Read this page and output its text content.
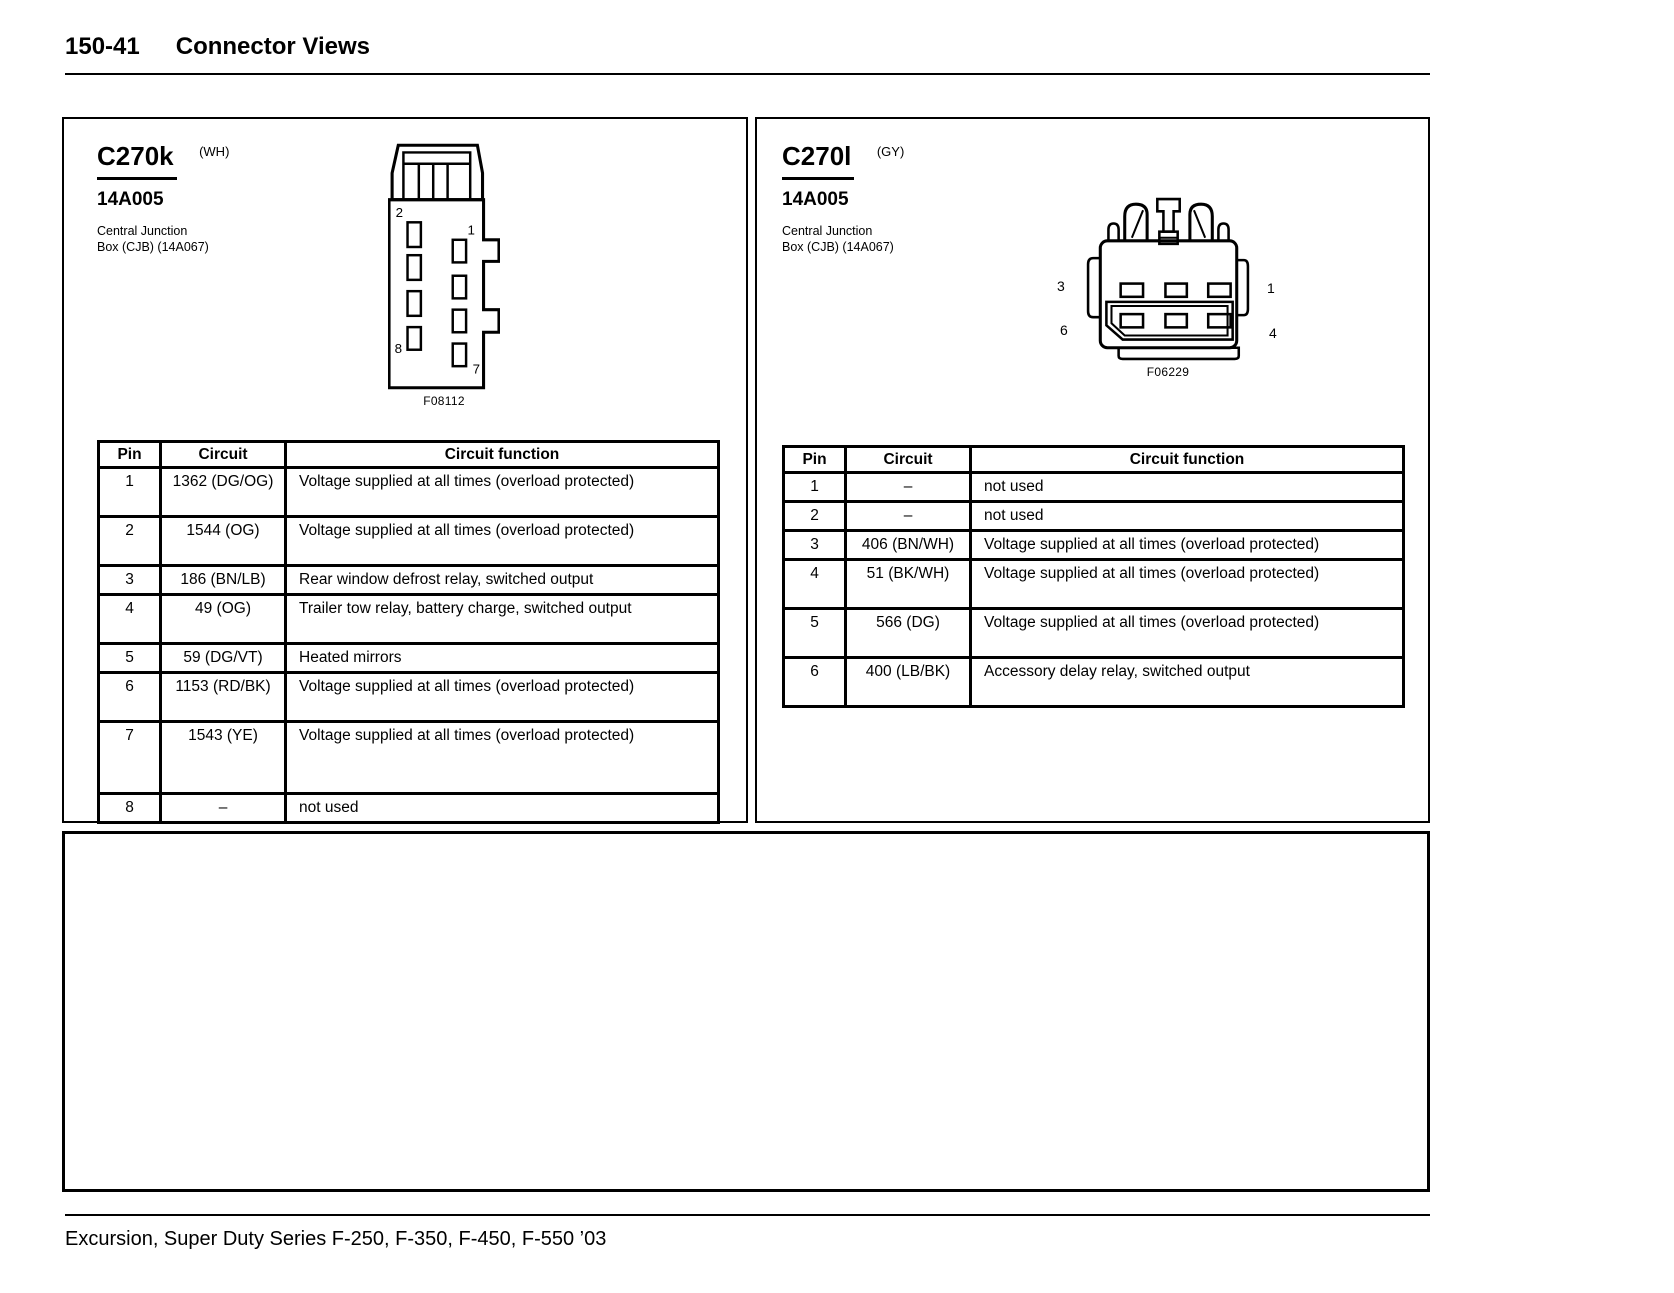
150-41 Connector Views
C270k $^{(WH)}$
14A005
Central Junction
Box (CJB) (14A067)
2
1
8
7
F08112
Pin	Circuit	Circuit function
1	1362 (DG/OG)	Voltage supplied at all times (overload protected)
2	1544 (OG)	Voltage supplied at all times (overload protected)
3	186 (BN/LB)	Rear window defrost relay, switched output
4	49 (OG)	Trailer tow relay, battery charge, switched output
5	59 (DG/VT)	Heated mirrors
6	1153 (RD/BK)	Voltage supplied at all times (overload protected)
7	1543 (YE)	Voltage supplied at all times (overload protected)
8	–	not used
C270l $^{(GY)}$
14A005
Central Junction
Box (CJB) (14A067)
F06229
3
6
1
4
Pin	Circuit	Circuit function
1	–	not used
2	–	not used
3	406 (BN/WH)	Voltage supplied at all times (overload protected)
4	51 (BK/WH)	Voltage supplied at all times (overload protected)
5	566 (DG)	Voltage supplied at all times (overload protected)
6	400 (LB/BK)	Accessory delay relay, switched output
Excursion, Super Duty Series F-250, F-350, F-450, F-550 ’03
